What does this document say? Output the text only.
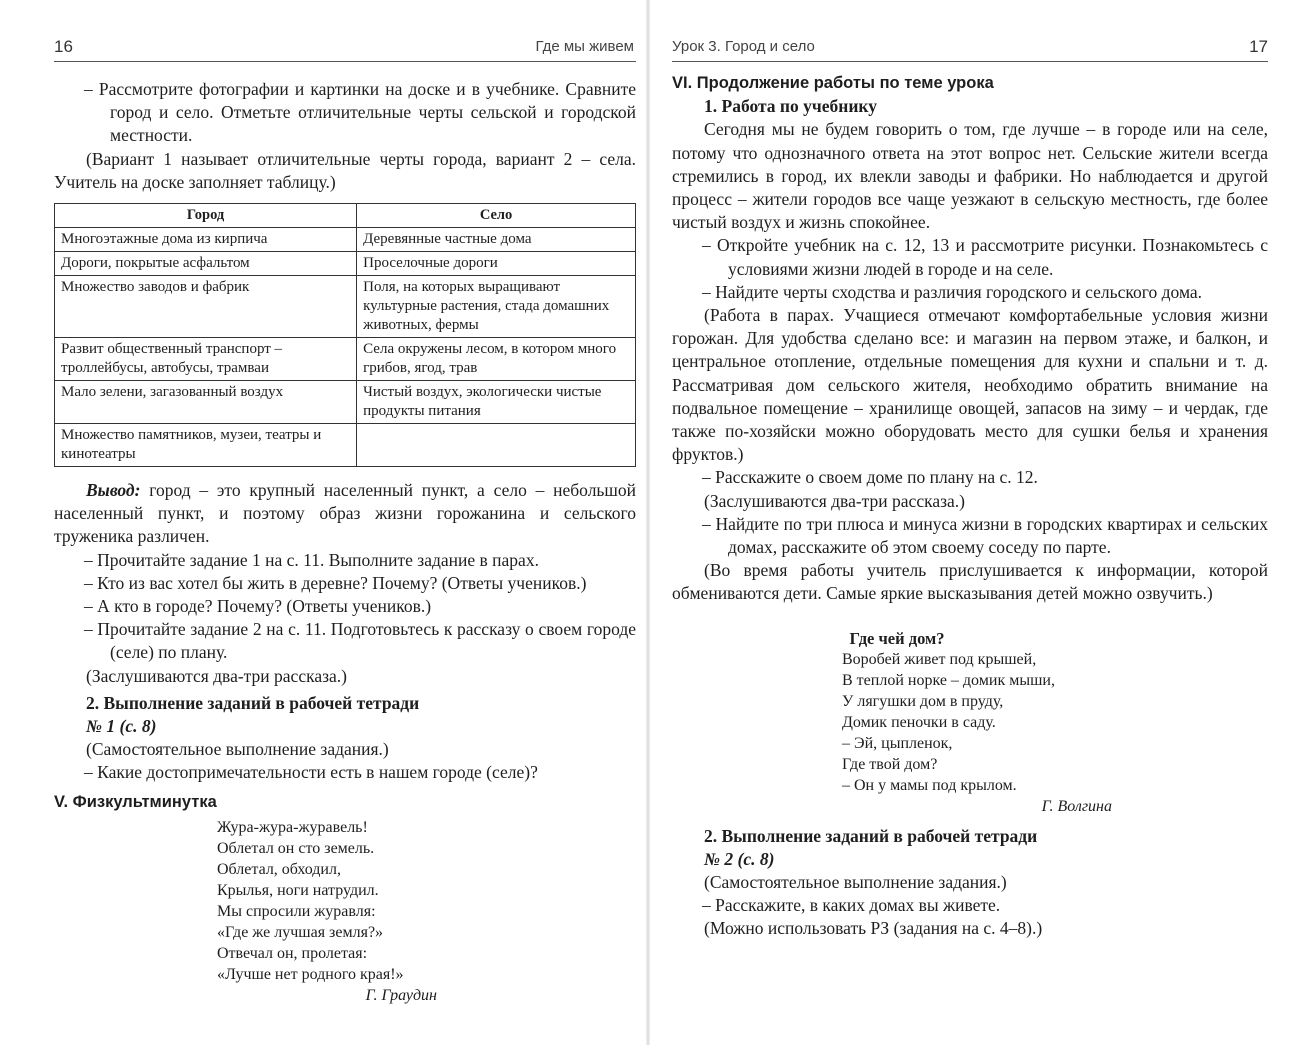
16	Где мы живем

– Рассмотрите фотографии и картинки на доске и в учебнике. Сравните город и село. Отметьте отличительные черты сельской и городской местности.

(Вариант 1 называет отличительные черты города, вариант 2 – села. Учитель на доске заполняет таблицу.)

Город	Село
Многоэтажные дома из кирпича	Деревянные частные дома
Дороги, покрытые асфальтом	Проселочные дороги
Множество заводов и фабрик	Поля, на которых выращивают культурные растения, стада домашних животных, фермы
Развит общественный транспорт – троллейбусы, автобусы, трамваи	Села окружены лесом, в котором много грибов, ягод, трав
Мало зелени, загазованный воздух	Чистый воздух, экологически чистые продукты питания
Множество памятников, музеи, театры и кинотеатры	

Вывод: город – это крупный населенный пункт, а село – небольшой населенный пункт, и поэтому образ жизни горожанина и сельского труженика различен.

– Прочитайте задание 1 на с. 11. Выполните задание в парах.

– Кто из вас хотел бы жить в деревне? Почему? (Ответы учеников.)

– А кто в городе? Почему? (Ответы учеников.)

– Прочитайте задание 2 на с. 11. Подготовьтесь к рассказу о своем городе (селе) по плану.

(Заслушиваются два-три рассказа.)

2. Выполнение заданий в рабочей тетради

№ 1 (с. 8)

(Самостоятельное выполнение задания.)

– Какие достопримечательности есть в нашем городе (селе)?

V. Физкультминутка

Жура-жура-журавель!
Облетал он сто земель.
Облетал, обходил,
Крылья, ноги натрудил.
Мы спросили журавля:
«Где же лучшая земля?»
Отвечал он, пролетая:
«Лучше нет родного края!»
Г. Граудин
Урок 3. Город и село	17

VI. Продолжение работы по теме урока

1. Работа по учебнику

Сегодня мы не будем говорить о том, где лучше – в городе или на селе, потому что однозначного ответа на этот вопрос нет. Сельские жители всегда стремились в город, их влекли заводы и фабрики. Но наблюдается и другой процесс – жители городов все чаще уезжают в сельскую местность, где более чистый воздух и жизнь спокойнее.

– Откройте учебник на с. 12, 13 и рассмотрите рисунки. Познакомьтесь с условиями жизни людей в городе и на селе.

– Найдите черты сходства и различия городского и сельского дома.

(Работа в парах. Учащиеся отмечают комфортабельные условия жизни горожан. Для удобства сделано все: и магазин на первом этаже, и балкон, и центральное отопление, отдельные помещения для кухни и спальни и т. д. Рассматривая дом сельского жителя, необходимо обратить внимание на подвальное помещение – хранилище овощей, запасов на зиму – и чердак, где также по-хозяйски можно оборудовать место для сушки белья и хранения фруктов.)

– Расскажите о своем доме по плану на с. 12.

(Заслушиваются два-три рассказа.)

– Найдите по три плюса и минуса жизни в городских квартирах и сельских домах, расскажите об этом своему соседу по парте.

(Во время работы учитель прислушивается к информации, которой обмениваются дети. Самые яркие высказывания детей можно озвучить.)

Где чей дом?
Воробей живет под крышей,
В теплой норке – домик мыши,
У лягушки дом в пруду,
Домик пеночки в саду.
– Эй, цыпленок,
Где твой дом?
– Он у мамы под крылом.
Г. Волгина

2. Выполнение заданий в рабочей тетради

№ 2 (с. 8)

(Самостоятельное выполнение задания.)

– Расскажите, в каких домах вы живете.

(Можно использовать РЗ (задания на с. 4–8).)
